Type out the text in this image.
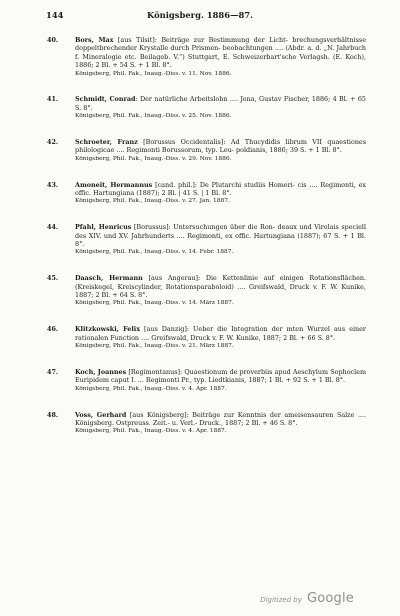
144	Königsberg. 1886—87.
40.	Bors, Max [aus Tilsit]: Beiträge zur Bestimmung der Licht- brechungsverhältnisse doppeltbrechender Krystalle durch Prismen- beobachtungen .... (Abdr. a. d. „N. Jahrbuch f. Mineralogie etc. Beilageb. V.“) Stuttgart, E. Schweizerbart'sche Verlagsh. (E. Koch), 1886; 2 Bl. + 54 S. + 1 Bl. 8°.
Königsberg, Phil. Fak., Inaug.-Diss. v. 11. Nov. 1886.
41.	Schmidt, Conrad: Der natürliche Arbeitslohn .... Jena, Gustav Fischer, 1886; 4 Bl. + 65 S. 8°.
Königsberg, Phil. Fak., Inaug.-Diss. v. 25. Nov. 1886.
42.	Schroeter, Franz [Borussus Occidentalis]: Ad Thucydidis librum VII quaestiones philologicae .... Regimonti Borussorum, typ. Leu- poldianis, 1886; 39 S. + 1 Bl. 8°.
Königsberg, Phil. Fak., Inaug.-Diss. v. 29. Nov. 1886.
43.	Amoneit, Hermannus [cand. phil.]: De Plutarchi studiis Homeri- cis .... Regimonti, ex offic. Hartungiana (1887); 2 Bl. | 41 S. | 1 Bl. 8°.
Königsberg, Phil. Fak., Inaug.-Diss. v. 27. Jan. 1887.
44.	Pfahl, Henricus [Borussus]: Untersuchungen über die Ron- deaux und Virelais speciell des XIV. und XV. Jahrhunderts .... Regimonti, ex offic. Hartungiana (1887); 67 S. + 1 Bl. 8°.
Königsberg, Phil. Fak., Inaug.-Diss. v. 14. Febr. 1887.
45.	Daasch, Hermann [aus Angerau]: Die Kettenlinie auf einigen Rotationsflächen. (Kreiskegel, Kreiscylinder, Rotationsparaboloid) .... Greifswald, Druck v. F. W. Kunike, 1887; 2 Bl. + 64 S. 8°.
Königsberg, Phil. Fak., Inaug.-Diss. v. 14. März 1887.
46.	Klitzkowski, Felix [aus Danzig]: Ueber die Integration der mten Wurzel aus einer rationalen Function .... Greifswald, Druck v. F. W. Kunike, 1887; 2 Bl. + 66 S. 8°.
Königsberg, Phil. Fak., Inaug.-Diss. v. 21. März 1887.
47.	Koch, Joannes [Regimontanus]: Quaestionum de proverbiis apud Aeschylum Sophoclem Euripidem caput I. ... Regimonti Pr., typ. Liedtkianis, 1887; 1 Bl. + 92 S. + 1 Bl. 8°.
Königsberg, Phil. Fak., Inaug.-Diss. v. 4. Apr. 1887.
48.	Voss, Gerhard [aus Königsberg]: Beiträge zur Kenntnis der ameisensauren Salze .... Königsberg. Ostpreuss. Zeit.- u. Verl.- Druck., 1887; 2 Bl. + 46 S. 8°.
Königsberg, Phil. Fak., Inaug.-Diss. v. 4. Apr. 1887.
Digitized by Google
